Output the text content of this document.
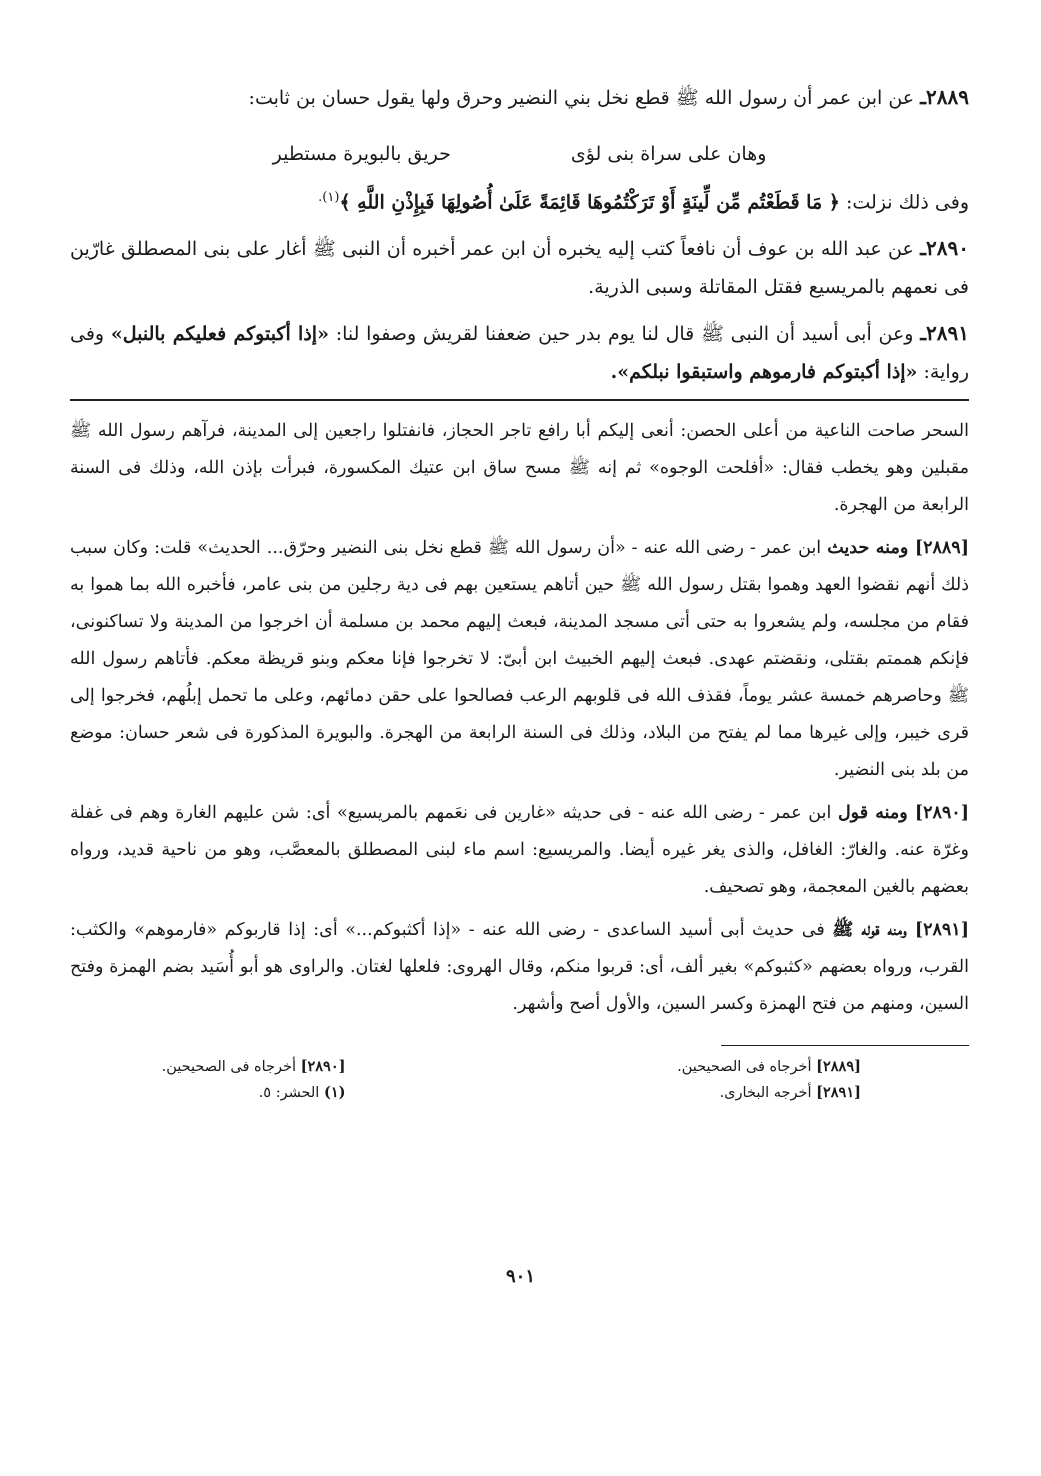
٢٨٨٩ـ عن ابن عمر أن رسول الله ﷺ قطع نخل بني النضير وحرق ولها يقول حسان بن ثابت:

وهان على سراة بنى لؤى
حريق بالبويرة مستطير

وفى ذلك نزلت: ﴿ مَا قَطَعْتُم مِّن لِّينَةٍ أَوْ تَرَكْتُمُوهَا قَائِمَةً عَلَىٰ أُصُولِهَا فَبِإِذْنِ اللَّهِ ﴾$^{(١).}$

٢٨٩٠ـ عن عبد الله بن عوف أن نافعاً كتب إليه يخبره أن ابن عمر أخبره أن النبى ﷺ أغار على بنى المصطلق غارّين فى نعمهم بالمريسيع فقتل المقاتلة وسبى الذرية.

٢٨٩١ـ وعن أبى أسيد أن النبى ﷺ قال لنا يوم بدر حين ضعفنا لقريش وصفوا لنا: «إذا أكبتوكم فعليكم بالنبل» وفى رواية: «إذا أكبتوكم فارموهم واستبقوا نبلكم».

السحر صاحت الناعية من أعلى الحصن: أنعى إليكم أبا رافع تاجر الحجاز، فانفتلوا راجعين إلى المدينة، فرآهم رسول الله ﷺ مقبلين وهو يخطب فقال: «أفلحت الوجوه» ثم إنه ﷺ مسح ساق ابن عتيك المكسورة، فبرأت بإذن الله، وذلك فى السنة الرابعة من الهجرة.

[٢٨٨٩] ومنه حديث ابن عمر - رضى الله عنه - «أن رسول الله ﷺ قطع نخل بنى النضير وحرّق... الحديث» قلت: وكان سبب ذلك أنهم نقضوا العهد وهموا بقتل رسول الله ﷺ حين أتاهم يستعين بهم فى دية رجلين من بنى عامر، فأخبره الله بما هموا به فقام من مجلسه، ولم يشعروا به حتى أتى مسجد المدينة، فبعث إليهم محمد بن مسلمة أن اخرجوا من المدينة ولا تساكنونى، فإنكم هممتم بقتلى، ونقضتم عهدى. فبعث إليهم الخبيث ابن أبىّ: لا تخرجوا فإنا معكم وبنو قريظة معكم. فأتاهم رسول الله ﷺ وحاصرهم خمسة عشر يوماً، فقذف الله فى قلوبهم الرعب فصالحوا على حقن دمائهم، وعلى ما تحمل إبلُهم، فخرجوا إلى قرى خيبر، وإلى غيرها مما لم يفتح من البلاد، وذلك فى السنة الرابعة من الهجرة. والبويرة المذكورة فى شعر حسان: موضع من بلد بنى النضير.

[٢٨٩٠] ومنه قول ابن عمر - رضى الله عنه - فى حديثه «غارين فى نعَمهم بالمريسيع» أى: شن عليهم الغارة وهم فى غفلة وغرّة عنه. والغارّ: الغافل، والذى يغر غيره أيضا. والمريسيع: اسم ماء لبنى المصطلق بالمعصَّب، وهو من ناحية قديد، ورواه بعضهم بالغين المعجمة، وهو تصحيف.

[٢٨٩١] ومنه قوله ﷺ فى حديث أبى أسيد الساعدى - رضى الله عنه - «إذا أكثبوكم...» أى: إذا قاربوكم «فارموهم» والكثب: القرب، ورواه بعضهم «كثبوكم» بغير ألف، أى: قربوا منكم، وقال الهروى: فلعلها لغتان. والراوى هو أبو أُسَيد بضم الهمزة وفتح السين، ومنهم من فتح الهمزة وكسر السين، والأول أصح وأشهر.

[٢٨٨٩] أخرجاه فى الصحيحين.

[٢٨٩١] أخرجه البخارى.

[٢٨٩٠] أخرجاه فى الصحيحين.

(١) الحشر: ٥.

٩٠١
